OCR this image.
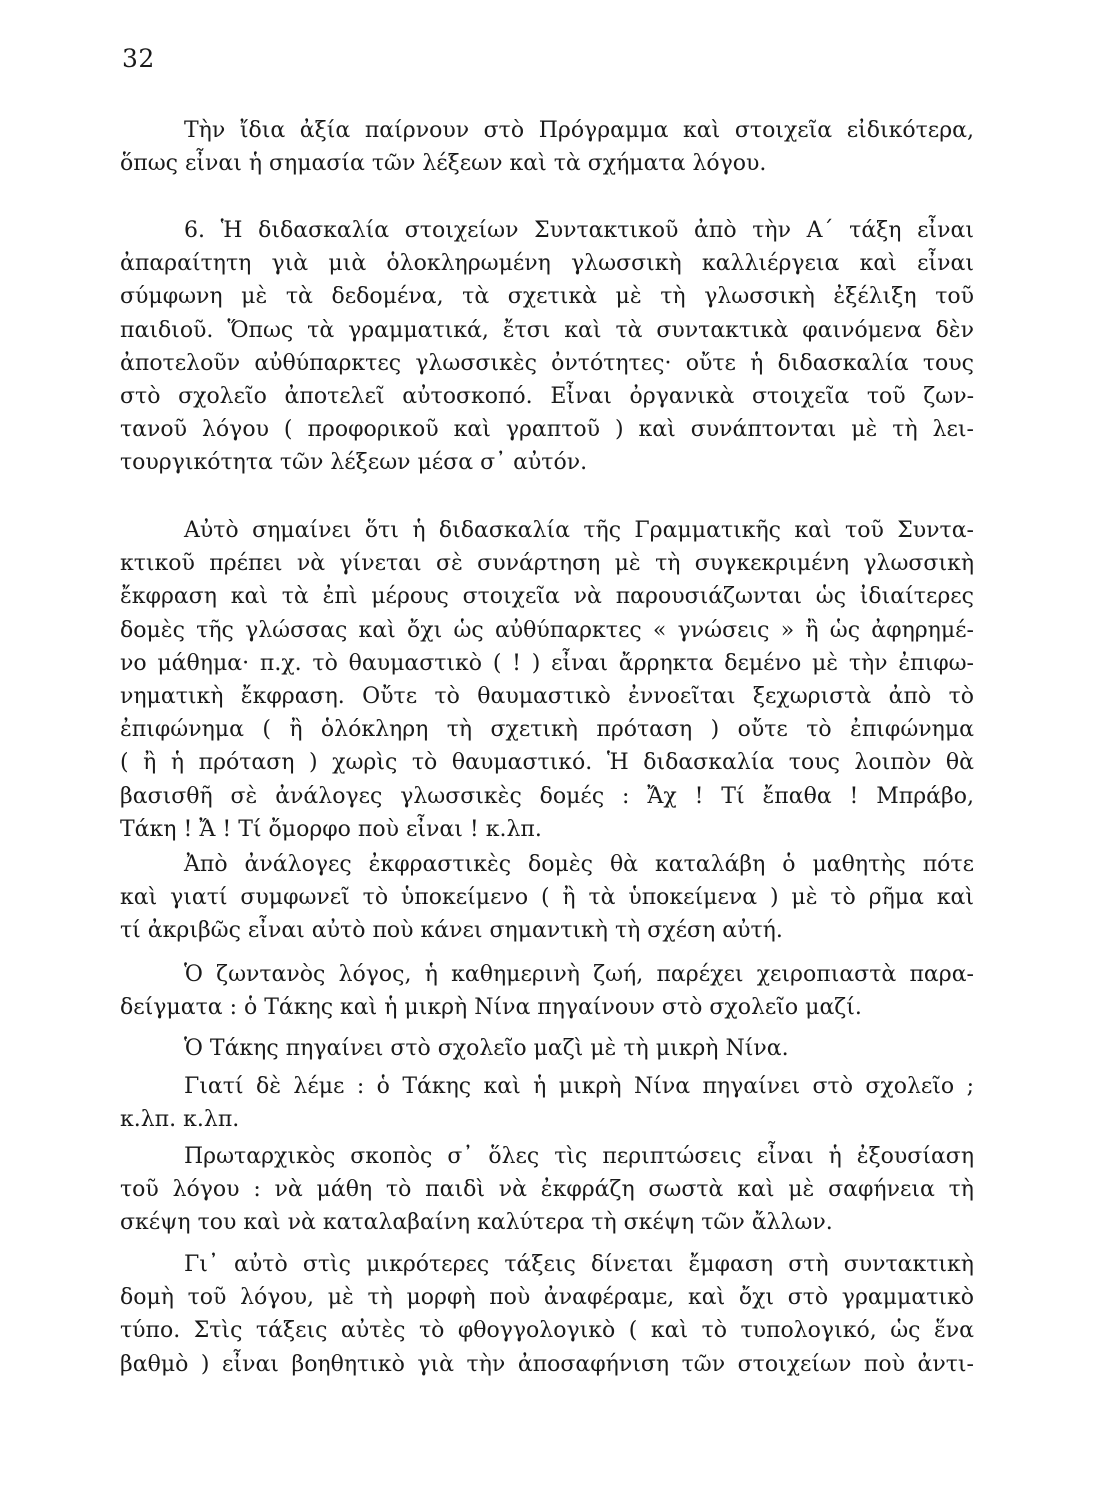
32
Τὴν ἴδια ἀξία παίρνουν στὸ Πρόγραμμα καὶ στοιχεῖα εἰδικότερα,
ὅπως εἶναι ἡ σημασία τῶν λέξεων καὶ τὰ σχήματα λόγου.
6. Ἡ διδασκαλία στοιχείων Συντακτικοῦ ἀπὸ τὴν Α΄ τάξη εἶναι
ἀπαραίτητη γιὰ μιὰ ὁλοκληρωμένη γλωσσικὴ καλλιέργεια καὶ εἶναι
σύμφωνη μὲ τὰ δεδομένα, τὰ σχετικὰ μὲ τὴ γλωσσικὴ ἐξέλιξη τοῦ
παιδιοῦ. Ὅπως τὰ γραμματικά, ἔτσι καὶ τὰ συντακτικὰ φαινόμενα δὲν
ἀποτελοῦν αὐθύπαρκτες γλωσσικὲς ὀντότητες· οὔτε ἡ διδασκαλία τους
στὸ σχολεῖο ἀποτελεῖ αὐτοσκοπό. Εἶναι ὀργανικὰ στοιχεῖα τοῦ ζων-
τανοῦ λόγου ( προφορικοῦ καὶ γραπτοῦ ) καὶ συνάπτονται μὲ τὴ λει-
τουργικότητα τῶν λέξεων μέσα σ᾽ αὐτόν.
Αὐτὸ σημαίνει ὅτι ἡ διδασκαλία τῆς Γραμματικῆς καὶ τοῦ Συντα-
κτικοῦ πρέπει νὰ γίνεται σὲ συνάρτηση μὲ τὴ συγκεκριμένη γλωσσικὴ
ἔκφραση καὶ τὰ ἐπὶ μέρους στοιχεῖα νὰ παρουσιάζωνται ὡς ἰδιαίτερες
δομὲς τῆς γλώσσας καὶ ὄχι ὡς αὐθύπαρκτες « γνώσεις » ἢ ὡς ἀφηρημέ-
νο μάθημα· π.χ. τὸ θαυμαστικὸ ( ! ) εἶναι ἄρρηκτα δεμένο μὲ τὴν ἐπιφω-
νηματικὴ ἔκφραση. Οὔτε τὸ θαυμαστικὸ ἐννοεῖται ξεχωριστὰ ἀπὸ τὸ
ἐπιφώνημα ( ἢ ὁλόκληρη τὴ σχετικὴ πρόταση ) οὔτε τὸ ἐπιφώνημα
( ἢ ἡ πρόταση ) χωρὶς τὸ θαυμαστικό. Ἡ διδασκαλία τους λοιπὸν θὰ
βασισθῆ σὲ ἀνάλογες γλωσσικὲς δομές : Ἄχ ! Τί ἔπαθα ! Μπράβο,
Τάκη ! Ἄ ! Τί ὄμορφο ποὺ εἶναι ! κ.λπ.
Ἀπὸ ἀνάλογες ἐκφραστικὲς δομὲς θὰ καταλάβη ὁ μαθητὴς πότε
καὶ γιατί συμφωνεῖ τὸ ὑποκείμενο ( ἢ τὰ ὑποκείμενα ) μὲ τὸ ρῆμα καὶ
τί ἀκριβῶς εἶναι αὐτὸ ποὺ κάνει σημαντικὴ τὴ σχέση αὐτή.
Ὁ ζωντανὸς λόγος, ἡ καθημερινὴ ζωή, παρέχει χειροπιαστὰ παρα-
δείγματα : ὁ Τάκης καὶ ἡ μικρὴ Νίνα πηγαίνουν στὸ σχολεῖο μαζί.
Ὁ Τάκης πηγαίνει στὸ σχολεῖο μαζὶ μὲ τὴ μικρὴ Νίνα.
Γιατί δὲ λέμε : ὁ Τάκης καὶ ἡ μικρὴ Νίνα πηγαίνει στὸ σχολεῖο ;
κ.λπ. κ.λπ.
Πρωταρχικὸς σκοπὸς σ᾽ ὅλες τὶς περιπτώσεις εἶναι ἡ ἐξουσίαση
τοῦ λόγου : νὰ μάθη τὸ παιδὶ νὰ ἐκφράζη σωστὰ καὶ μὲ σαφήνεια τὴ
σκέψη του καὶ νὰ καταλαβαίνη καλύτερα τὴ σκέψη τῶν ἄλλων.
Γι᾽ αὐτὸ στὶς μικρότερες τάξεις δίνεται ἔμφαση στὴ συντακτικὴ
δομὴ τοῦ λόγου, μὲ τὴ μορφὴ ποὺ ἀναφέραμε, καὶ ὄχι στὸ γραμματικὸ
τύπο. Στὶς τάξεις αὐτὲς τὸ φθογγολογικὸ ( καὶ τὸ τυπολογικό, ὡς ἕνα
βαθμὸ ) εἶναι βοηθητικὸ γιὰ τὴν ἀποσαφήνιση τῶν στοιχείων ποὺ ἀντι-
